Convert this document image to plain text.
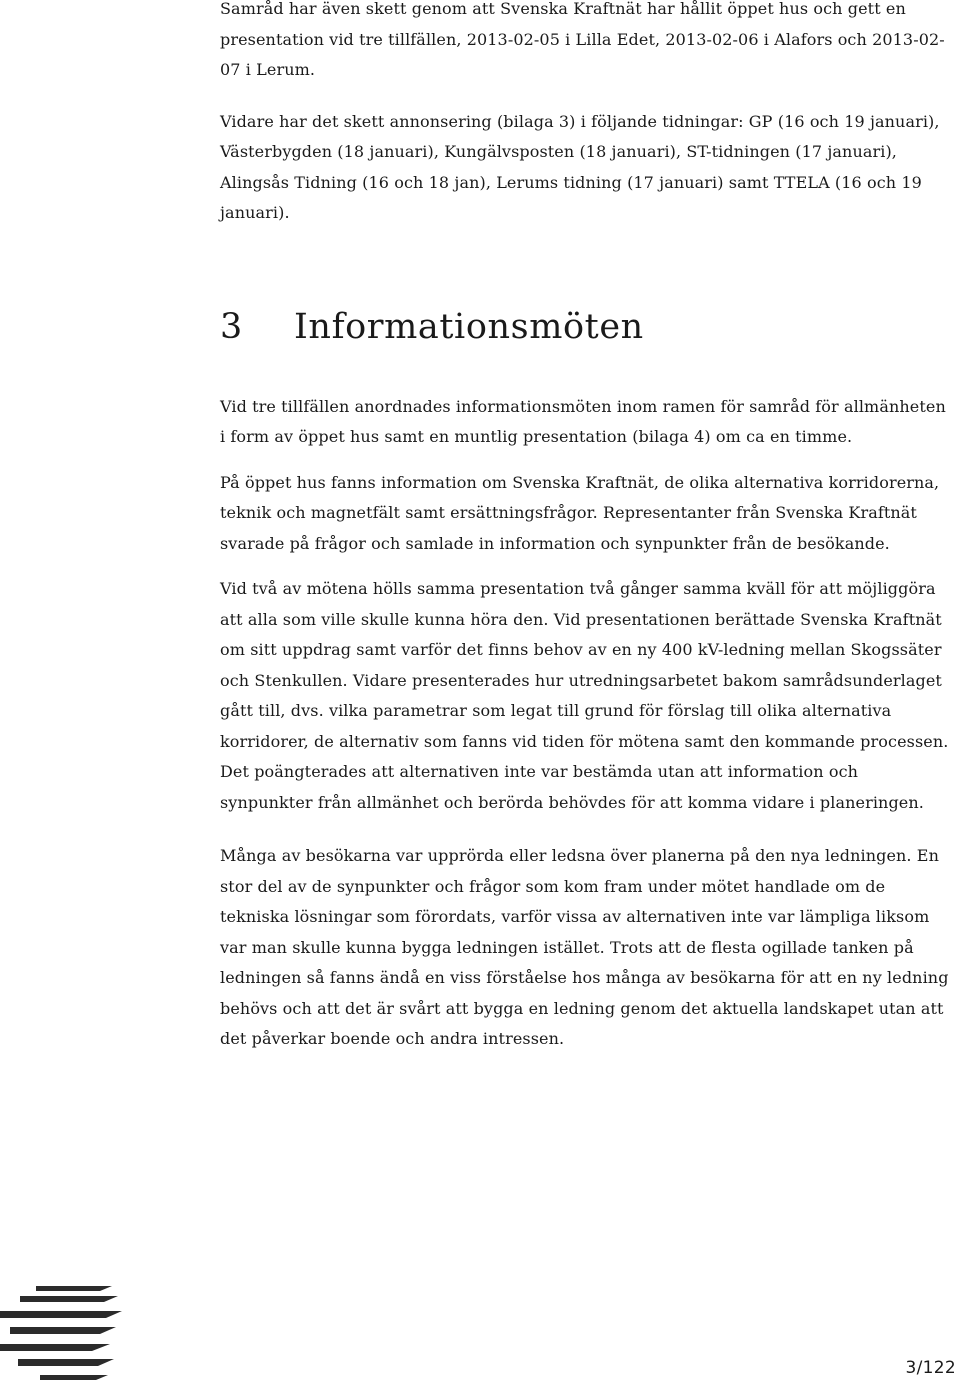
Samråd har även skett genom att Svenska Kraftnät har hållit öppet hus och gett en presentation vid tre tillfällen, 2013-02-05 i Lilla Edet, 2013-02-06 i Alafors och 2013-02-07 i Lerum.

Vidare har det skett annonsering (bilaga 3) i följande tidningar: GP (16 och 19 januari), Västerbygden (18 januari), Kungälvsposten (18 januari), ST-tidningen (17 januari), Alingsås Tidning (16 och 18 jan), Lerums tidning (17 januari) samt TTELA (16 och 19 januari).

3	Informationsmöten

Vid tre tillfällen anordnades informationsmöten inom ramen för samråd för allmänheten i form av öppet hus samt en muntlig presentation (bilaga 4) om ca en timme.

På öppet hus fanns information om Svenska Kraftnät, de olika alternativa korridorerna, teknik och magnetfält samt ersättningsfrågor. Representanter från Svenska Kraftnät svarade på frågor och samlade in information och synpunkter från de besökande.

Vid två av mötena hölls samma presentation två gånger samma kväll för att möjliggöra att alla som ville skulle kunna höra den. Vid presentationen berättade Svenska Kraftnät om sitt uppdrag samt varför det finns behov av en ny 400 kV-ledning mellan Skogssäter och Stenkullen. Vidare presenterades hur utredningsarbetet bakom samrådsunderlaget gått till, dvs. vilka parametrar som legat till grund för förslag till olika alternativa korridorer, de alternativ som fanns vid tiden för mötena samt den kommande processen. Det poängterades att alternativen inte var bestämda utan att information och synpunkter från allmänhet och berörda behövdes för att komma vidare i planeringen.

Många av besökarna var upprörda eller ledsna över planerna på den nya ledningen. En stor del av de synpunkter och frågor som kom fram under mötet handlade om de tekniska lösningar som förordats, varför vissa av alternativen inte var lämpliga liksom var man skulle kunna bygga ledningen istället. Trots att de flesta ogillade tanken på ledningen så fanns ändå en viss förståelse hos många av besökarna för att en ny ledning behövs och att det är svårt att bygga en ledning genom det aktuella landskapet utan att det påverkar boende och andra intressen.

3/122
